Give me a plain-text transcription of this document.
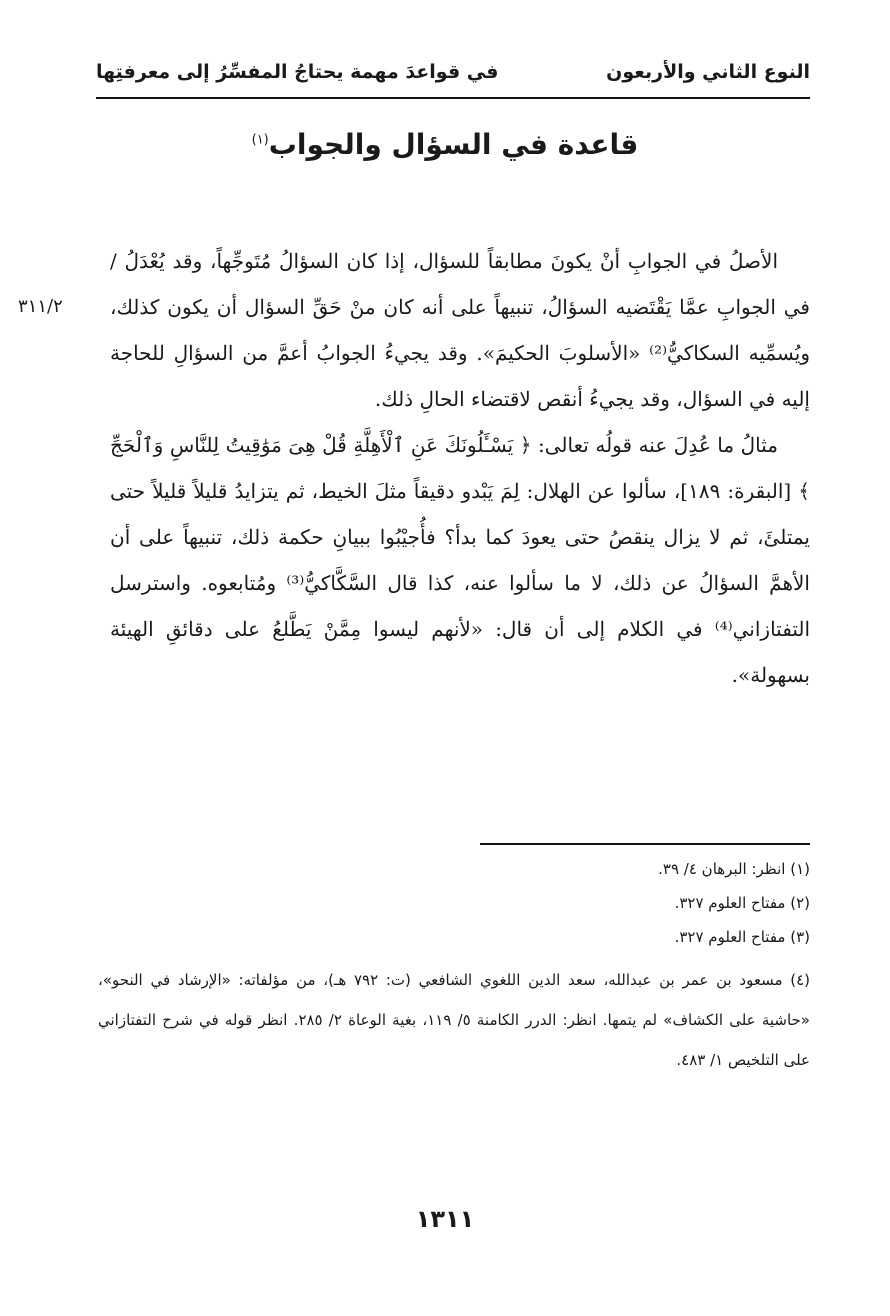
النوع الثاني والأربعون
في قواعدَ مهمة يحتاجُ المفسِّرُ إلى معرفتِها
قاعدة في السؤال والجواب$^{(١)}$
٣١١/٢

الأصلُ في الجوابِ أنْ يكونَ مطابقاً للسؤال، إذا كان السؤالُ مُتَوجِّهاً، وقد يُعْدَلُ / في الجوابِ عمَّا يَقْتَضيه السؤالُ، تنبيهاً على أنه كان منْ حَقِّ السؤال أن يكون كذلك، ويُسمِّيه السكاكيُّ⁽²⁾ «الأسلوبَ الحكيمَ». وقد يجيءُ الجوابُ أعمَّ من السؤالِ للحاجة إليه في السؤال، وقد يجيءُ أنقص لاقتضاء الحالِ ذلك.

مثالُ ما عُدِلَ عنه قولُه تعالى: ﴿ يَسْـَٔلُونَكَ عَنِ ٱلْأَهِلَّةِ قُلْ هِىَ مَوَٰقِيتُ لِلنَّاسِ وَٱلْحَجِّ ﴾ [البقرة: ١٨٩]، سألوا عن الهلال: لِمَ يَبْدو دقيقاً مثلَ الخيط، ثم يتزايدُ قليلاً قليلاً حتى يمتلئَ، ثم لا يزال ينقصُ حتى يعودَ كما بدأ؟ فأُجيْبُوا ببيانِ حكمة ذلك، تنبيهاً على أن الأهمَّ السؤالُ عن ذلك، لا ما سألوا عنه، كذا قال السَّكَّاكيُّ⁽³⁾ ومُتابعوه. واسترسل التفتازاني⁽⁴⁾ في الكلام إلى أن قال: «لأنهم ليسوا مِمَّنْ يَطَّلعُ على دقائقِ الهيئة بسهولة».

(١) انظر: البرهان ٤/ ٣٩.
(٢) مفتاح العلوم ٣٢٧.
(٣) مفتاح العلوم ٣٢٧.
(٤) مسعود بن عمر بن عبدالله، سعد الدين اللغوي الشافعي (ت: ٧٩٢ هـ)، من مؤلفاته: «الإرشاد في النحو»، «حاشية على الكشاف» لم يتمها. انظر: الدرر الكامنة ٥/ ١١٩، بغية الوعاة ٢/ ٢٨٥. انظر قوله في شرح التفتازاني على التلخيص ١/ ٤٨٣.
١٣١١
